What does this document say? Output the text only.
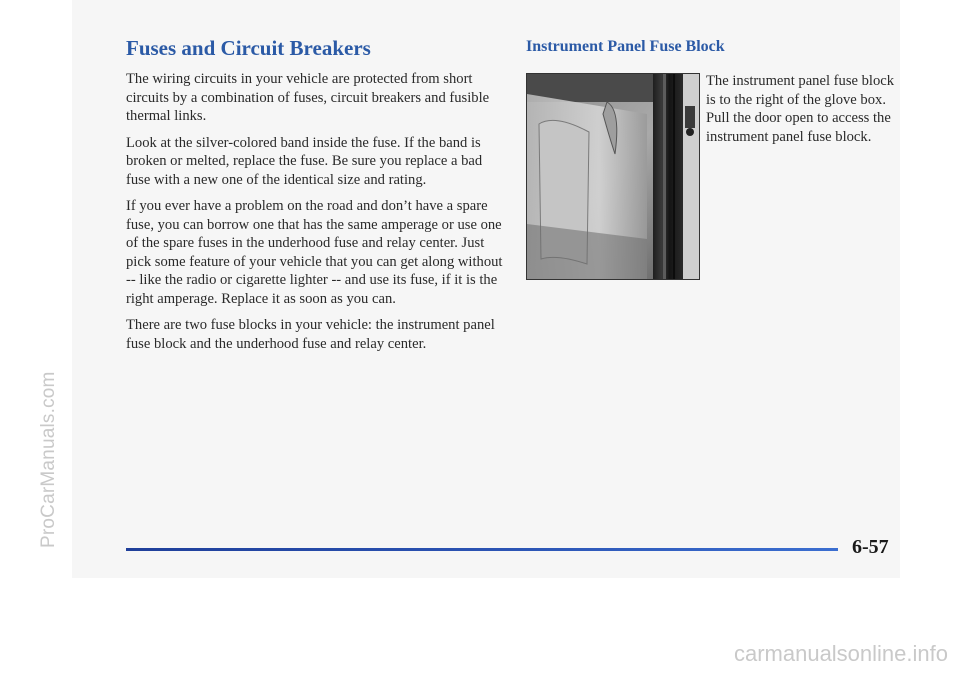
ProCarManuals.com
carmanualsonline.info
Fuses and Circuit Breakers

The wiring circuits in your vehicle are protected from short circuits by a combination of fuses, circuit breakers and fusible thermal links.

Look at the silver-colored band inside the fuse. If the band is broken or melted, replace the fuse. Be sure you replace a bad fuse with a new one of the identical size and rating.

If you ever have a problem on the road and don’t have a spare fuse, you can borrow one that has the same amperage or use one of the spare fuses in the underhood fuse and relay center. Just pick some feature of your vehicle that you can get along without -- like the radio or cigarette lighter -- and use its fuse, if it is the right amperage. Replace it as soon as you can.

There are two fuse blocks in your vehicle: the instrument panel fuse block and the underhood fuse and relay center.

Instrument Panel Fuse Block

The instrument panel fuse block is to the right of the glove box. Pull the door open to access the instrument panel fuse block.

6-57
